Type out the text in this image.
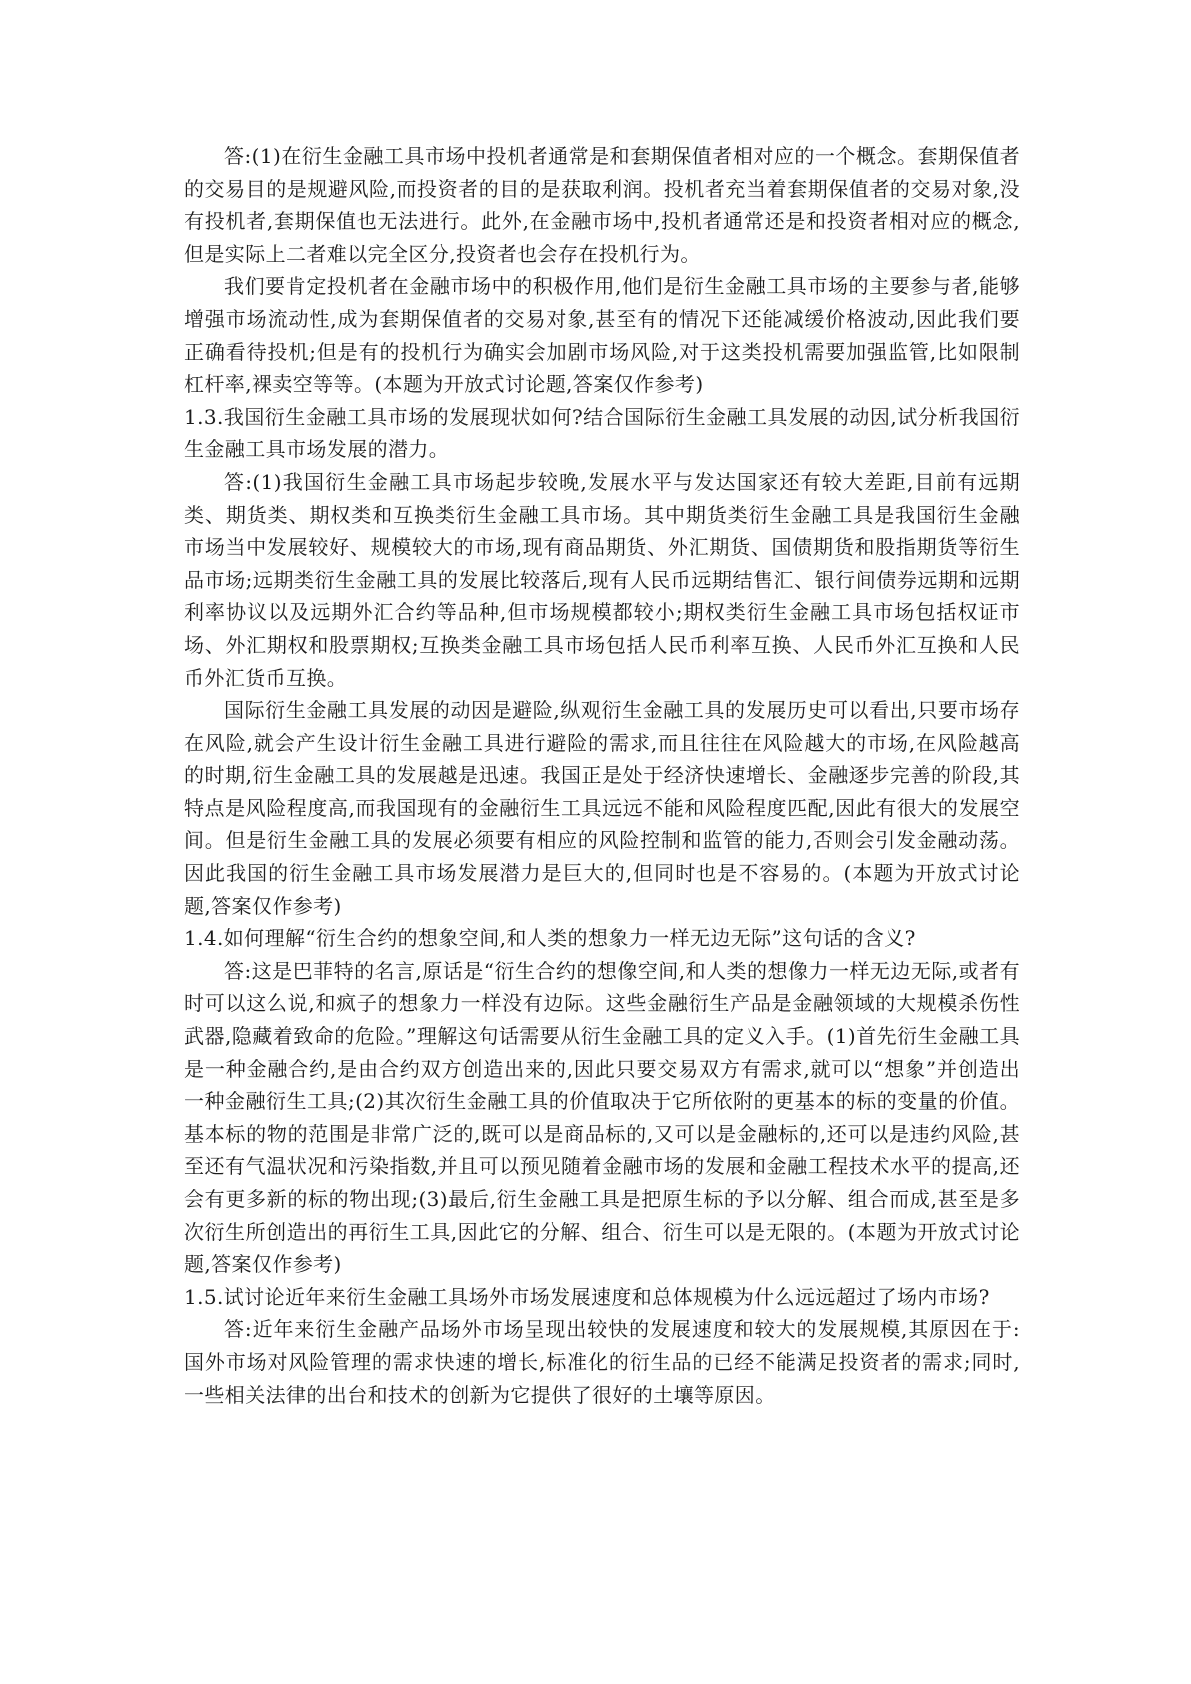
答:(1)在衍生金融工具市场中投机者通常是和套期保值者相对应的一个概念。套期保值者的交易目的是规避风险,而投资者的目的是获取利润。投机者充当着套期保值者的交易对象,没有投机者,套期保值也无法进行。此外,在金融市场中,投机者通常还是和投资者相对应的概念,但是实际上二者难以完全区分,投资者也会存在投机行为。

我们要肯定投机者在金融市场中的积极作用,他们是衍生金融工具市场的主要参与者,能够增强市场流动性,成为套期保值者的交易对象,甚至有的情况下还能减缓价格波动,因此我们要正确看待投机;但是有的投机行为确实会加剧市场风险,对于这类投机需要加强监管,比如限制杠杆率,裸卖空等等。(本题为开放式讨论题,答案仅作参考)

1.3.我国衍生金融工具市场的发展现状如何?结合国际衍生金融工具发展的动因,试分析我国衍生金融工具市场发展的潜力。

答:(1)我国衍生金融工具市场起步较晚,发展水平与发达国家还有较大差距,目前有远期类、期货类、期权类和互换类衍生金融工具市场。其中期货类衍生金融工具是我国衍生金融市场当中发展较好、规模较大的市场,现有商品期货、外汇期货、国债期货和股指期货等衍生品市场;远期类衍生金融工具的发展比较落后,现有人民币远期结售汇、银行间债券远期和远期利率协议以及远期外汇合约等品种,但市场规模都较小;期权类衍生金融工具市场包括权证市场、外汇期权和股票期权;互换类金融工具市场包括人民币利率互换、人民币外汇互换和人民币外汇货币互换。

国际衍生金融工具发展的动因是避险,纵观衍生金融工具的发展历史可以看出,只要市场存在风险,就会产生设计衍生金融工具进行避险的需求,而且往往在风险越大的市场,在风险越高的时期,衍生金融工具的发展越是迅速。我国正是处于经济快速增长、金融逐步完善的阶段,其特点是风险程度高,而我国现有的金融衍生工具远远不能和风险程度匹配,因此有很大的发展空间。但是衍生金融工具的发展必须要有相应的风险控制和监管的能力,否则会引发金融动荡。因此我国的衍生金融工具市场发展潜力是巨大的,但同时也是不容易的。(本题为开放式讨论题,答案仅作参考)

1.4.如何理解“衍生合约的想象空间,和人类的想象力一样无边无际”这句话的含义?

答:这是巴菲特的名言,原话是“衍生合约的想像空间,和人类的想像力一样无边无际,或者有时可以这么说,和疯子的想象力一样没有边际。这些金融衍生产品是金融领域的大规模杀伤性武器,隐藏着致命的危险。”理解这句话需要从衍生金融工具的定义入手。(1)首先衍生金融工具是一种金融合约,是由合约双方创造出来的,因此只要交易双方有需求,就可以“想象”并创造出一种金融衍生工具;(2)其次衍生金融工具的价值取决于它所依附的更基本的标的变量的价值。基本标的物的范围是非常广泛的,既可以是商品标的,又可以是金融标的,还可以是违约风险,甚至还有气温状况和污染指数,并且可以预见随着金融市场的发展和金融工程技术水平的提高,还会有更多新的标的物出现;(3)最后,衍生金融工具是把原生标的予以分解、组合而成,甚至是多次衍生所创造出的再衍生工具,因此它的分解、组合、衍生可以是无限的。(本题为开放式讨论题,答案仅作参考)

1.5.试讨论近年来衍生金融工具场外市场发展速度和总体规模为什么远远超过了场内市场?

答:近年来衍生金融产品场外市场呈现出较快的发展速度和较大的发展规模,其原因在于:国外市场对风险管理的需求快速的增长,标准化的衍生品的已经不能满足投资者的需求;同时,一些相关法律的出台和技术的创新为它提供了很好的土壤等原因。
